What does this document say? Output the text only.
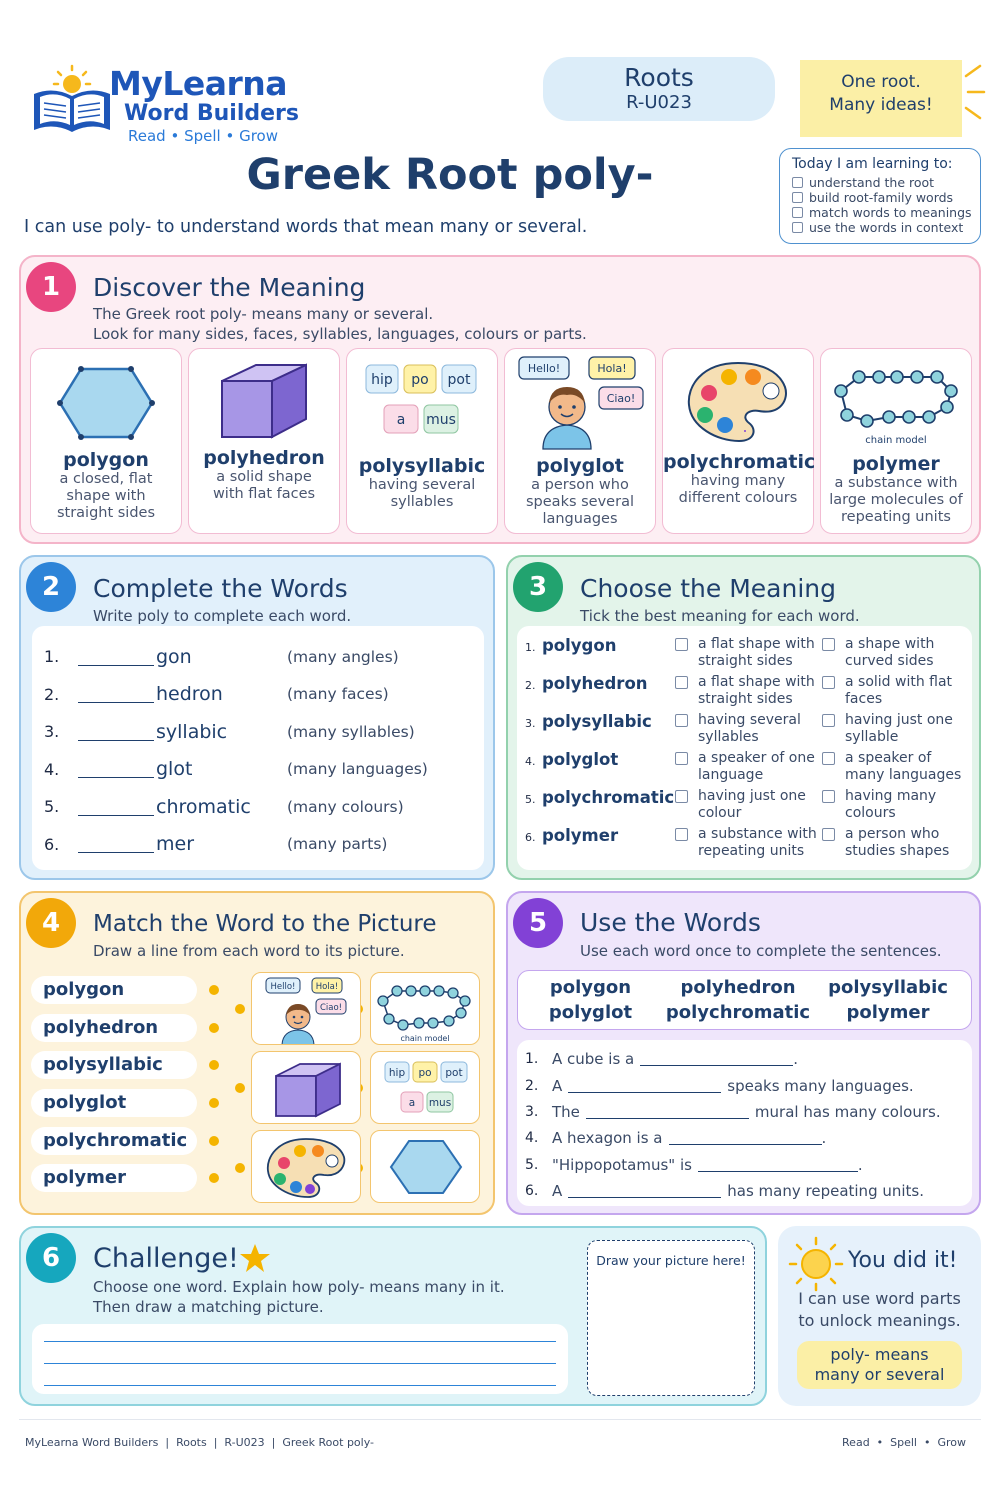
MyLearna
Word Builders
Read • Spell • Grow
Roots
R-U023
One root.
Many ideas!
Greek Root poly-
I can use poly- to understand words that mean many or several.
Today I am learning to:
understand the root
build root-family words
match words to meanings
use the words in context
1	Discover the Meaning
The Greek root poly- means many or several.
Look for many sides, faces, syllables, languages, colours or parts.
polygon
a closed, flat shape with straight sides
polyhedron
a solid shape with flat faces
hip po pot
a mus
polysyllabic
having several syllables
Hello!	Hola!
Ciao!
polyglot
a person who speaks several languages
polychromatic
having many different colours
chain model
polymer
a substance with large molecules of repeating units
2	Complete the Words
Write poly to complete each word.
1.	gon	(many angles)
2.	hedron	(many faces)
3.	syllabic	(many syllables)
4.	glot	(many languages)
5.	chromatic	(many colours)
6.	mer	(many parts)
3	Choose the Meaning
Tick the best meaning for each word.
1. polygon	a flat shape with straight sides
a shape with curved sides
2. polyhedron	a flat shape with straight sides
a solid with flat faces
3. polysyllabic	having several syllables
having just one syllable
4. polyglot	a speaker of one language
a speaker of many languages
5. polychromatic having just one colour
having many colours
6. polymer	a substance with repeating units
a person who studies shapes
4	Match the Word to the Picture
Draw a line from each word to its picture.
polygon
polyhedron
polysyllabic
polyglot
polychromatic
polymer
Hello! Hola!
Ciao!
chain model
hip po pot
a mus
5	Use the Words
Use each word once to complete the sentences.
polygon	polyhedron	polysyllabic
polyglot	polychromatic	polymer
1. A cube is a	.
2. A	speaks many languages.
3. The	mural has many colours.
4. A hexagon is a	.
5. "Hippopotamus" is	.
6. A	has many repeating units.
6	Challenge!
Choose one word. Explain how poly- means many in it.
Then draw a matching picture.
Draw your picture here!	You did it!
I can use word parts
to unlock meanings.
poly- means
many or several
MyLearna Word Builders  |  Roots  |  R-U023  |  Greek Root poly-	Read  •  Spell  •  Grow
